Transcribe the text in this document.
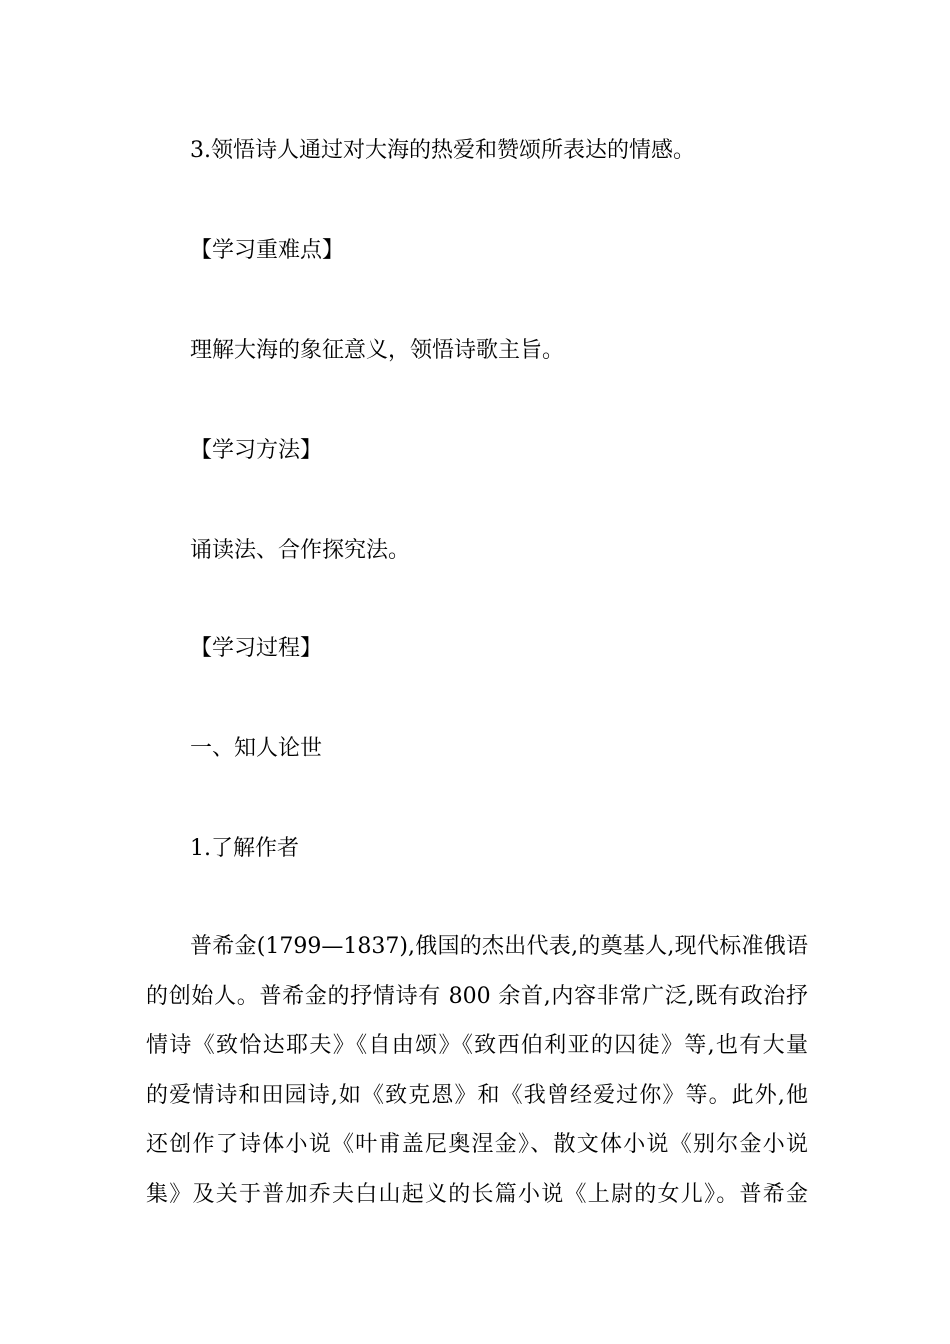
3.领悟诗人通过对大海的热爱和赞颂所表达的情感。
【学习重难点】
理解大海的象征意义，领悟诗歌主旨。
【学习方法】
诵读法、合作探究法。
【学习过程】
一、知人论世
1.了解作者
普希金(1799—1837),俄国的杰出代表,的奠基人,现代标准俄语
的创始人。普希金的抒情诗有 800 余首,内容非常广泛,既有政治抒
情诗《致恰达耶夫》《自由颂》《致西伯利亚的囚徒》等,也有大量
的爱情诗和田园诗,如《致克恩》和《我曾经爱过你》等。此外,他
还创作了诗体小说《叶甫盖尼奥涅金》、散文体小说《别尔金小说
集》及关于普加乔夫白山起义的长篇小说《上尉的女儿》。普希金
